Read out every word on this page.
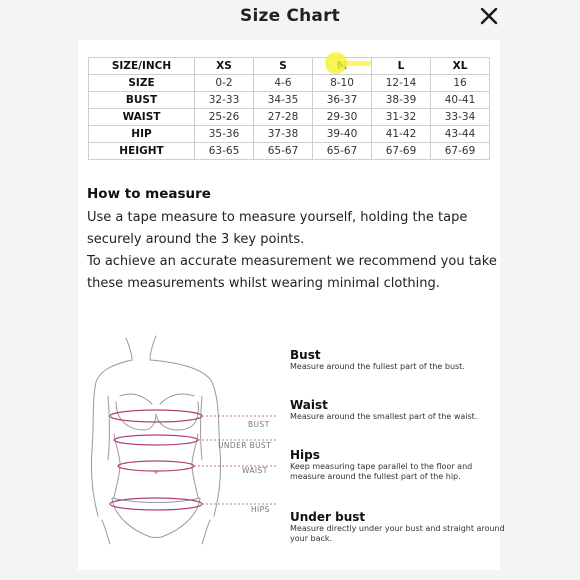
Size Chart
SIZE/INCH	XS	S		L	XL
SIZE	0-2	4-6	8-10	12-14	16
BUST	32-33	34-35	36-37	38-39	40-41
WAIST	25-26	27-28	29-30	31-32	33-34
HIP	35-36	37-38	39-40	41-42	43-44
HEIGHT	63-65	65-67	65-67	67-69	67-69

How to measure

Use a tape measure to measure yourself, holding the tape securely around the 3 key points.

To achieve an accurate measurement we recommend you take these measurements whilst wearing minimal clothing.

BUST
UNDER BUST
WAIST
HIPS

Bust

Measure around the fullest part of the bust.

Waist

Measure around the smallest part of the waist.

Hips

Keep measuring tape parallel to the floor and measure around the fullest part of the hip.

Under bust

Measure directly under your bust and straight around your back.
